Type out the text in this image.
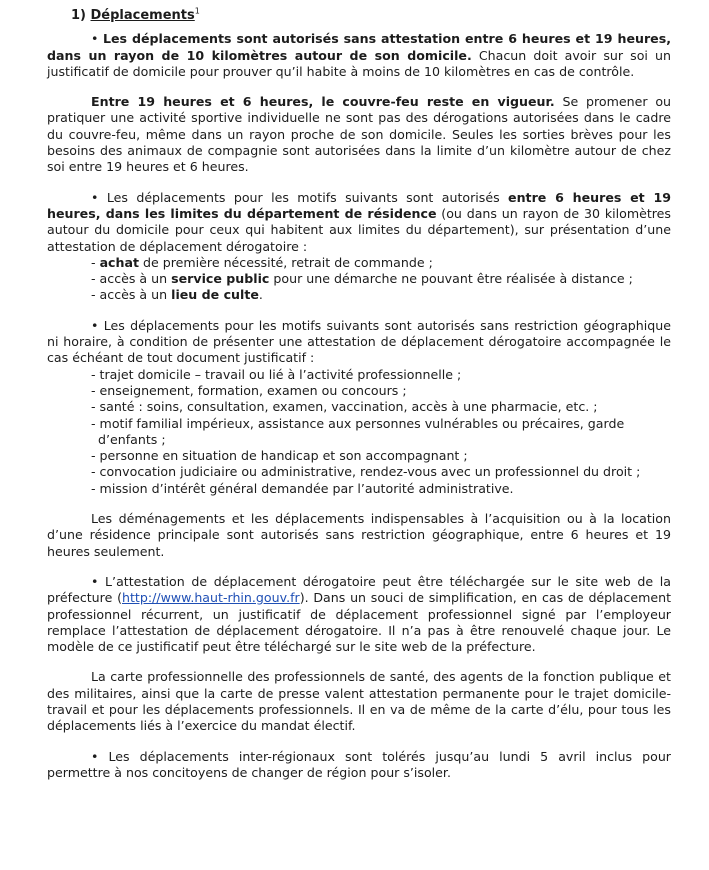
1) Déplacements$^1$

• Les déplacements sont autorisés sans attestation entre 6 heures et 19 heures, dans un rayon de 10 kilomètres autour de son domicile. Chacun doit avoir sur soi un justificatif de domicile pour prouver qu’il habite à moins de 10 kilomètres en cas de contrôle.

Entre 19 heures et 6 heures, le couvre-feu reste en vigueur. Se promener ou pratiquer une activité sportive individuelle ne sont pas des dérogations autorisées dans le cadre du couvre-feu, même dans un rayon proche de son domicile. Seules les sorties brèves pour les besoins des animaux de compagnie sont autorisées dans la limite d’un kilomètre autour de chez soi entre 19 heures et 6 heures.

• Les déplacements pour les motifs suivants sont autorisés entre 6 heures et 19 heures, dans les limites du département de résidence (ou dans un rayon de 30 kilomètres autour du domicile pour ceux qui habitent aux limites du département), sur présentation d’une attestation de déplacement dérogatoire :

- achat de première nécessité, retrait de commande ;
- accès à un service public pour une démarche ne pouvant être réalisée à distance ;
- accès à un lieu de culte.

• Les déplacements pour les motifs suivants sont autorisés sans restriction géographique ni horaire, à condition de présenter une attestation de déplacement dérogatoire accompagnée le cas échéant de tout document justificatif :

- trajet domicile – travail ou lié à l’activité professionnelle ;
- enseignement, formation, examen ou concours ;
- santé : soins, consultation, examen, vaccination, accès à une pharmacie, etc. ;
- motif familial impérieux, assistance aux personnes vulnérables ou précaires, garde d’enfants ;
- personne en situation de handicap et son accompagnant ;
- convocation judiciaire ou administrative, rendez-vous avec un professionnel du droit ;
- mission d’intérêt général demandée par l’autorité administrative.

Les déménagements et les déplacements indispensables à l’acquisition ou à la location d’une résidence principale sont autorisés sans restriction géographique, entre 6 heures et 19 heures seulement.

• L’attestation de déplacement dérogatoire peut être téléchargée sur le site web de la préfecture (http://www.haut-rhin.gouv.fr). Dans un souci de simplification, en cas de déplacement professionnel récurrent, un justificatif de déplacement professionnel signé par l’employeur remplace l’attestation de déplacement dérogatoire. Il n’a pas à être renouvelé chaque jour. Le modèle de ce justificatif peut être téléchargé sur le site web de la préfecture.

La carte professionnelle des professionnels de santé, des agents de la fonction publique et des militaires, ainsi que la carte de presse valent attestation permanente pour le trajet domicile-travail et pour les déplacements professionnels. Il en va de même de la carte d’élu, pour tous les déplacements liés à l’exercice du mandat électif.

• Les déplacements inter-régionaux sont tolérés jusqu’au lundi 5 avril inclus pour permettre à nos concitoyens de changer de région pour s’isoler.
